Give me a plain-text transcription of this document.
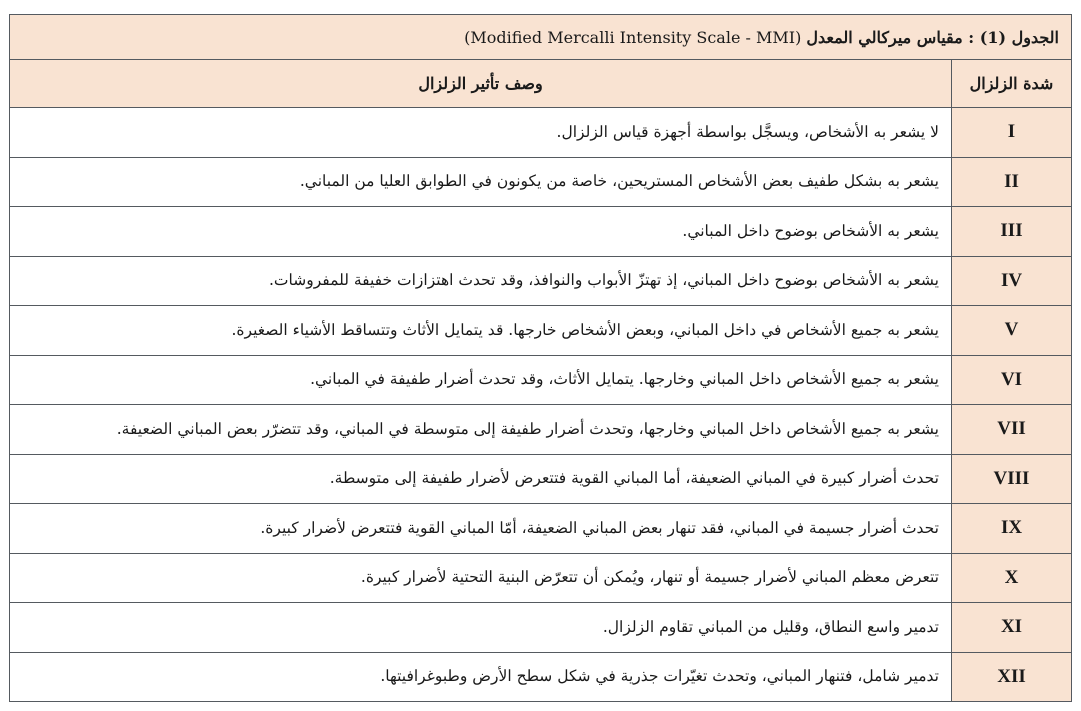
الجدول (1) : مقياس ميركالي المعدل (Modified Mercalli Intensity Scale - MMI)	
شدة الزلزال	وصف تأثير الزلزال
I	لا يشعر به الأشخاص، ويسجَّل بواسطة أجهزة قياس الزلزال.
II	يشعر به بشكل طفيف بعض الأشخاص المستريحين، خاصة من يكونون في الطوابق العليا من المباني.
III	يشعر به الأشخاص بوضوح داخل المباني.
IV	يشعر به الأشخاص بوضوح داخل المباني، إذ تهتزّ الأبواب والنوافذ، وقد تحدث اهتزازات خفيفة للمفروشات.
V	يشعر به جميع الأشخاص في داخل المباني، وبعض الأشخاص خارجها. قد يتمايل الأثاث وتتساقط الأشياء الصغيرة.
VI	يشعر به جميع الأشخاص داخل المباني وخارجها. يتمايل الأثاث، وقد تحدث أضرار طفيفة في المباني.
VII	يشعر به جميع الأشخاص داخل المباني وخارجها، وتحدث أضرار طفيفة إلى متوسطة في المباني، وقد تتضرّر بعض المباني الضعيفة.
VIII	تحدث أضرار كبيرة في المباني الضعيفة، أما المباني القوية فتتعرض لأضرار طفيفة إلى متوسطة.
IX	تحدث أضرار جسيمة في المباني، فقد تنهار بعض المباني الضعيفة، أمّا المباني القوية فتتعرض لأضرار كبيرة.
X	تتعرض معظم المباني لأضرار جسيمة أو تنهار، ويُمكن أن تتعرّض البنية التحتية لأضرار كبيرة.
XI	تدمير واسع النطاق، وقليل من المباني تقاوم الزلزال.
XII	تدمير شامل، فتنهار المباني، وتحدث تغيّرات جذرية في شكل سطح الأرض وطبوغرافيتها.
